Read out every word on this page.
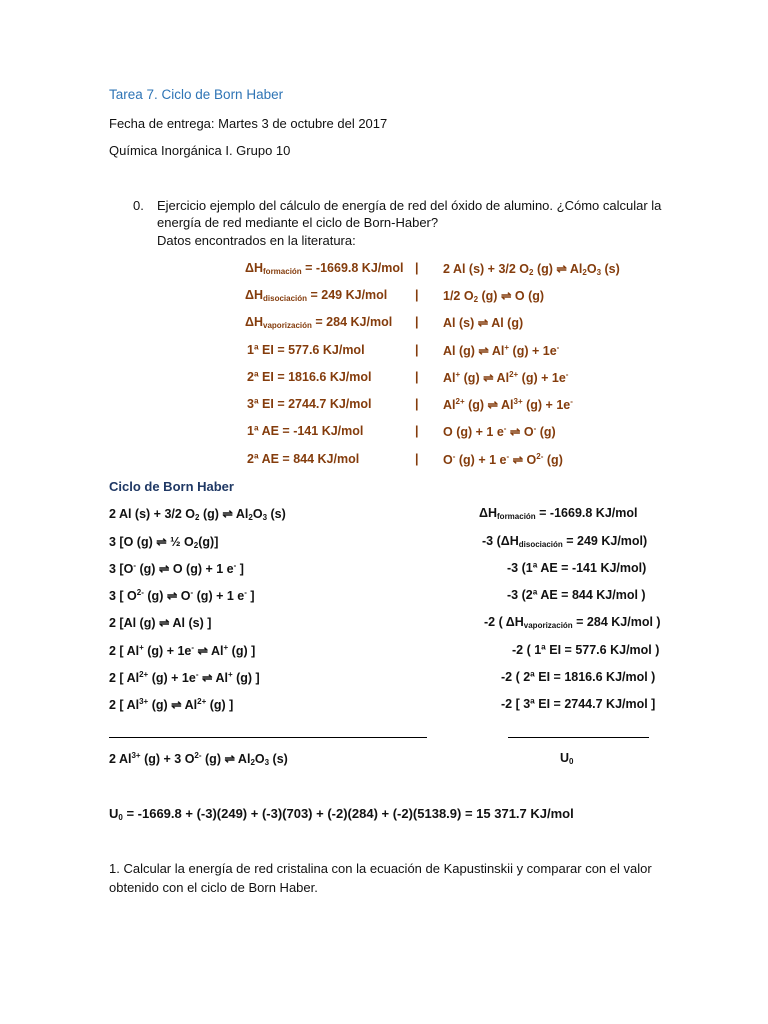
Tarea 7. Ciclo de Born Haber
Fecha de entrega: Martes 3 de octubre del 2017
Química Inorgánica I. Grupo 10
0. Ejercicio ejemplo del cálculo de energía de red del óxido de alumino. ¿Cómo calcular la
energía de red mediante el ciclo de Born-Haber?
Datos encontrados en la literatura:
$\Delta H_{formación} = -1669.8$ KJ/mol
$\Delta H_{disociación} = 249$ KJ/mol
$\Delta H_{vaporización} = 284$ KJ/mol
1ª EI = 577.6 KJ/mol
2ª EI = 1816.6 KJ/mol
3ª EI = 2744.7 KJ/mol
1ª AE = -141 KJ/mol
2ª AE = 844 KJ/mol
|
|
|
|
|
|
|
|
2 Al (s) + 3/2 $O_2$ (g) ⇌ $Al_2O_3$ (s)
1/2 $O_2$ (g) ⇌ O (g)
Al (s) ⇌ Al (g)
Al (g) ⇌ Al+ (g) + 1e-
Al+ (g) ⇌ $Al^{2+}$ (g) + 1e-
$Al^{2+}$ (g) ⇌ $Al^{3+}$ (g) + 1e-
O (g) + 1 e- ⇌ O- (g)
O- (g) + 1 e- ⇌ $O^{2-}$ (g)
Ciclo de Born Haber
2 Al (s) + 3/2 $O_2$ (g) ⇌ $Al_2O_3$ (s)
3 [O (g) ⇌ ½ $O_2(g)$]
3 [O- (g) ⇌ O (g) + 1 e- ]
3 [ $O^{2-}$ (g) ⇌ O- (g) + 1 e- ]
2 [Al (g) ⇌ Al (s) ]
2 [ Al+ (g) + 1e- ⇌ Al+ (g) ]
2 [ $Al^{2+}$ (g) + 1e- ⇌ Al+ (g) ]
2 [ $Al^{3+}$ (g) ⇌ $Al^{2+}$ (g) ]
$\Delta H_{formación} = -1669.8$ KJ/mol
-3 ($\Delta H_{disociación} = 249$ KJ/mol)
-3 (1ª AE = -141 KJ/mol)
-3 (2ª AE = 844 KJ/mol )
-2 ( $\Delta H_{vaporización} = 284$ KJ/mol )
-2 ( 1ª EI = 577.6 KJ/mol )
-2 ( 2ª EI = 1816.6 KJ/mol )
-2 [ 3ª EI = 2744.7 KJ/mol ]
2 $Al^{3+}$ (g) + 3 $O^{2-}$ (g) ⇌ $Al_2O_3$ (s)	$U_0$
$U_0 = -1669.8 + (-3)(249) + (-3)(703) + (-2)(284) + (-2)(5138.9) = 15$ 371.7 KJ/mol
1. Calcular la energía de red cristalina con la ecuación de Kapustinskii y comparar con el valor
obtenido con el ciclo de Born Haber.
